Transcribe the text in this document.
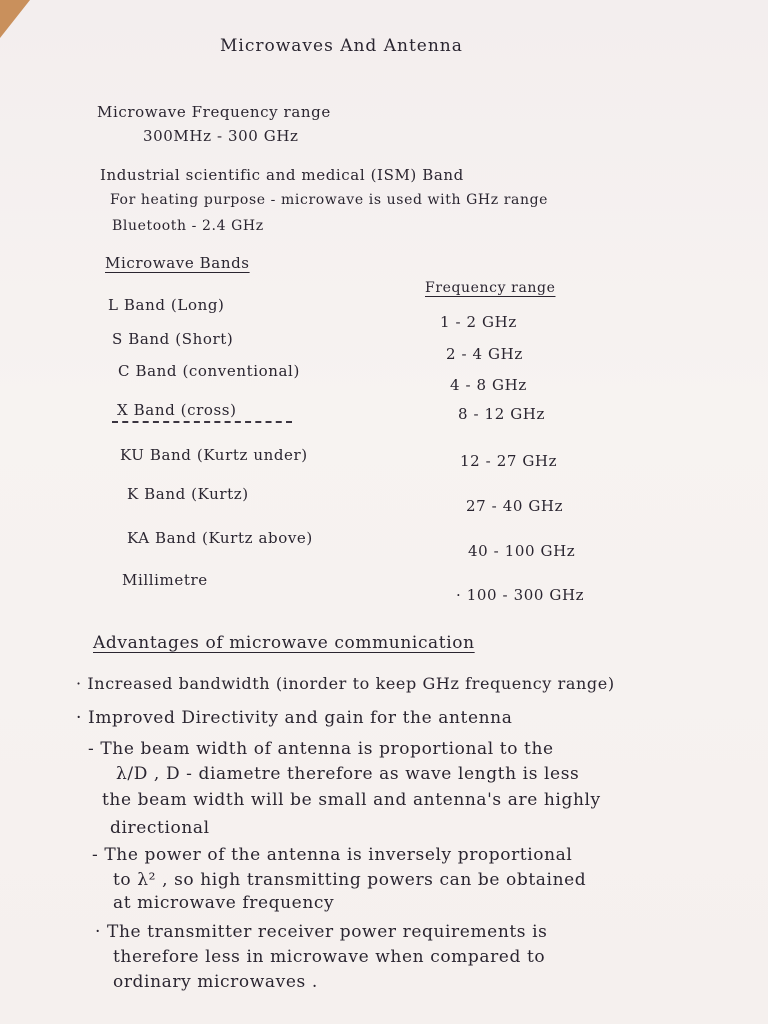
Microwaves And Antenna
Microwave Frequency range
300MHz - 300 GHz
Industrial scientific and medical (ISM) Band
For heating purpose - microwave is used with GHz range
Bluetooth - 2.4 GHz
Microwave Bands
Frequency range
L Band (Long)
1 - 2 GHz
S Band (Short)
2 - 4 GHz
C Band (conventional)
4 - 8 GHz
X Band (cross)	8 - 12 GHz
KU Band (Kurtz under)	12 - 27 GHz
K Band (Kurtz)
27 - 40 GHz
KA Band (Kurtz above)
40 - 100 GHz
Millimetre
· 100 - 300 GHz
Advantages of microwave communication
· Increased bandwidth (inorder to keep GHz frequency range)
· Improved Directivity and gain for the antenna
- The beam width of antenna is proportional to the
λ/D , D - diametre therefore as wave length is less
the beam width will be small and antenna's are highly
directional
- The power of the antenna is inversely proportional
to λ² , so high transmitting powers can be obtained
at microwave frequency
· The transmitter receiver power requirements is
therefore less in microwave when compared to
ordinary microwaves .
